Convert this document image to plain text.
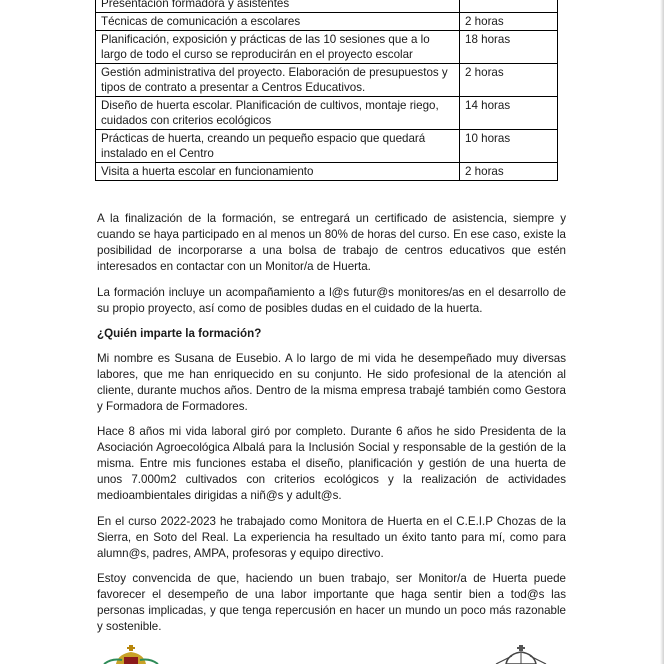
Presentación formadora y asistentes	
Técnicas de comunicación a escolares	2 horas
Planificación, exposición y prácticas de las 10 sesiones que a lo largo de todo el curso se reproducirán en el proyecto escolar	18 horas
Gestión administrativa del proyecto. Elaboración de presupuestos y tipos de contrato a presentar a Centros Educativos.	2 horas
Diseño de huerta escolar. Planificación de cultivos, montaje riego, cuidados con criterios ecológicos	14 horas
Prácticas de huerta, creando un pequeño espacio que quedará instalado en el Centro	10 horas
Visita a huerta escolar en funcionamiento	2 horas

A la finalización de la formación, se entregará un certificado de asistencia, siempre y cuando se haya participado en al menos un 80% de horas del curso. En ese caso, existe la posibilidad de incorporarse a una bolsa de trabajo de centros educativos que estén interesados en contactar con un Monitor/a de Huerta.

La formación incluye un acompañamiento a l@s futur@s monitores/as en el desarrollo de su propio proyecto, así como de posibles dudas en el cuidado de la huerta.

¿Quién imparte la formación?

Mi nombre es Susana de Eusebio. A lo largo de mi vida he desempeñado muy diversas labores, que me han enriquecido en su conjunto. He sido profesional de la atención al cliente, durante muchos años. Dentro de la misma empresa trabajé también como Gestora y Formadora de Formadores.

Hace 8 años mi vida laboral giró por completo. Durante 6 años he sido Presidenta de la Asociación Agroecológica Albalá para la Inclusión Social y responsable de la gestión de la misma. Entre mis funciones estaba el diseño, planificación y gestión de una huerta de unos 7.000m2 cultivados con criterios ecológicos y la realización de actividades medioambientales dirigidas a niñ@s y adult@s.

En el curso 2022-2023 he trabajado como Monitora de Huerta en el C.E.I.P Chozas de la Sierra, en Soto del Real. La experiencia ha resultado un éxito tanto para mí, como para alumn@s, padres, AMPA, profesoras y equipo directivo.

Estoy convencida de que, haciendo un buen trabajo, ser Monitor/a de Huerta puede favorecer el desempeño de una labor importante que haga sentir bien a tod@s las personas implicadas, y que tenga repercusión en hacer un mundo un poco más razonable y sostenible.
